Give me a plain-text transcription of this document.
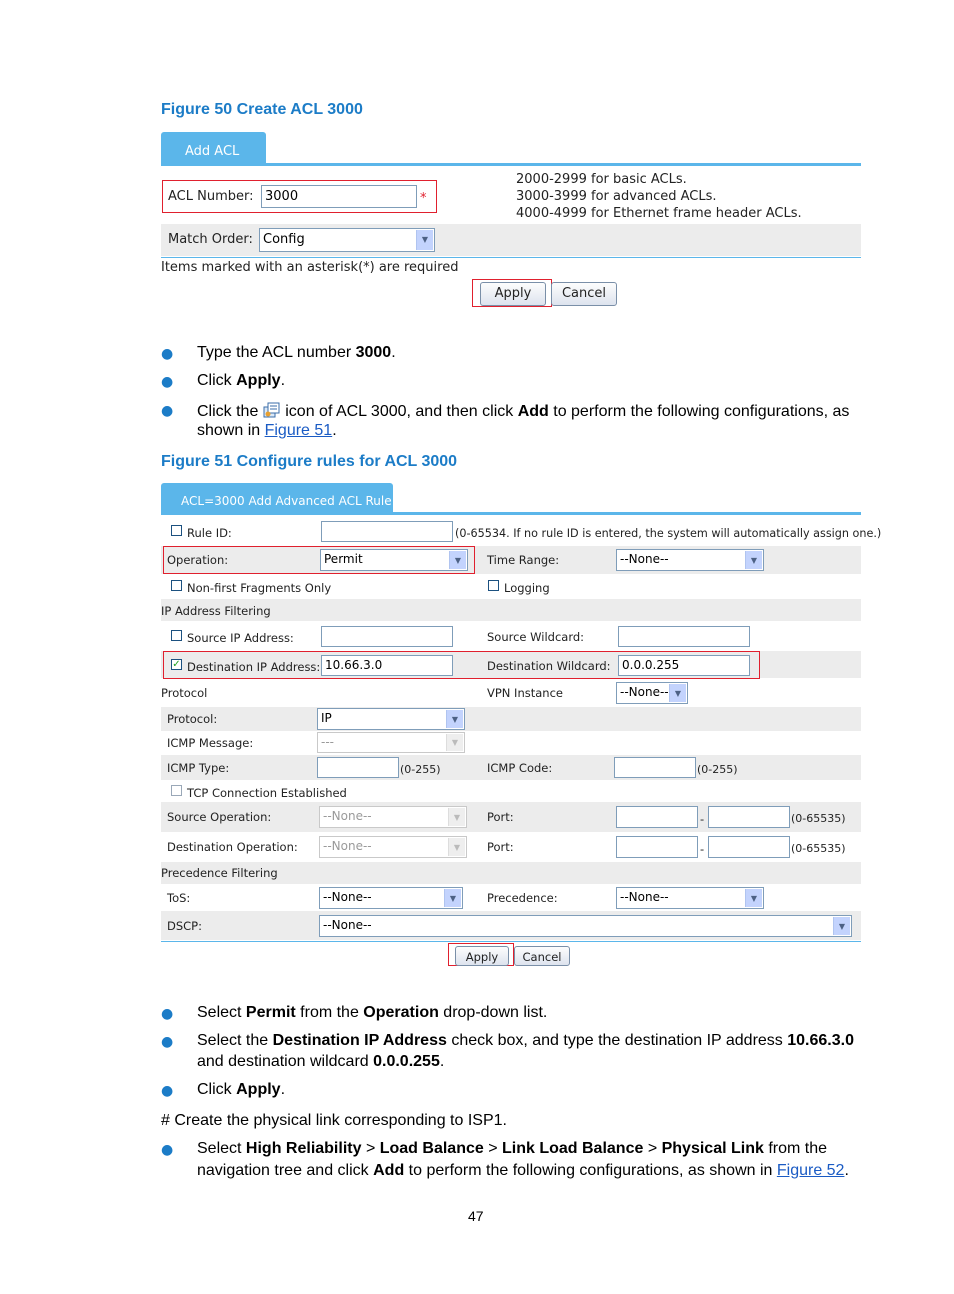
Figure 50 Create ACL 3000
Add ACL
ACL Number: 3000	*
2000-2999 for basic ACLs.
3000-3999 for advanced ACLs.
4000-4999 for Ethernet frame header ACLs.
Match Order: Config	▼
Items marked with an asterisk(*) are required
Apply	Cancel
● Type the ACL number 3000.
● Click Apply.
● Click the  icon of ACL 3000, and then click Add to perform the following configurations, as
shown in Figure 51.
Figure 51 Configure rules for ACL 3000
ACL=3000 Add Advanced ACL Rule
Rule ID:	(0-65534. If no rule ID is entered, the system will automatically assign one.)
Operation:	Permit	▼	Time Range:	--None--	▼
Non-first Fragments Only	Logging
IP Address Filtering
Source IP Address:	Source Wildcard:
✓ Destination IP Address: 10.66.3.0	Destination Wildcard: 0.0.0.255
Protocol	VPN Instance	--None-- ▼
Protocol:	IP	▼
ICMP Message:	---	▼
ICMP Type:	(0-255)	ICMP Code:	(0-255)
TCP Connection Established
Source Operation:	--None--	▼	Port:	-	(0-65535)
Destination Operation:	--None--	▼	Port:	-	(0-65535)
Precedence Filtering
ToS:	--None--	▼	Precedence:	--None--	▼
DSCP:	--None--	▼
Apply	Cancel
● Select Permit from the Operation drop-down list.
● Select the Destination IP Address check box, and type the destination IP address 10.66.3.0
and destination wildcard 0.0.0.255.
● Click Apply.
# Create the physical link corresponding to ISP1.
● Select High Reliability > Load Balance > Link Load Balance > Physical Link from the
navigation tree and click Add to perform the following configurations, as shown in Figure 52.
47
